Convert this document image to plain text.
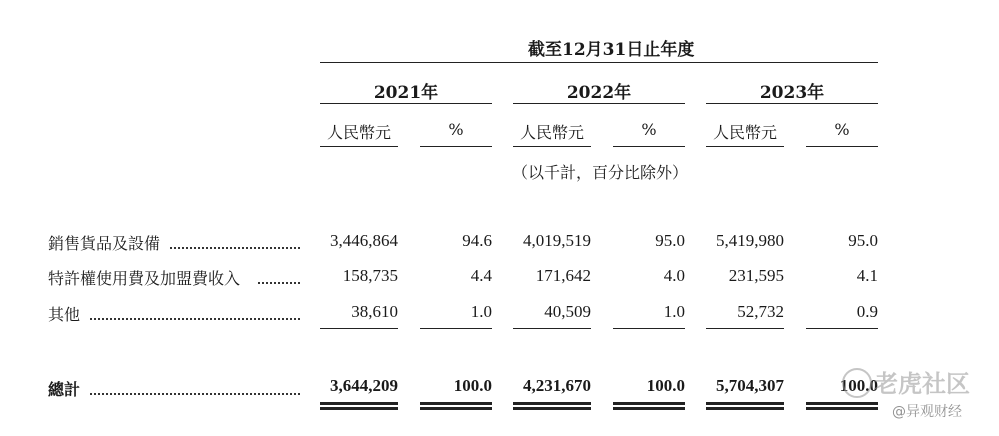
截至12月31日止年度
2021年	2022年	2023年
人民幣元	%	人民幣元	%	人民幣元	%
（以千計，百分比除外）
銷售貨品及設備	3,446,864	94.6	4,019,519	95.0	5,419,980	95.0
特許權使用費及加盟費收入	158,735	4.4	171,642	4.0	231,595	4.1
其他	38,610	1.0	40,509	1.0	52,732	0.9
總計	3,644,209	100.0	4,231,670	100.0	5,704,307	100.0
老虎社区
@异观财经
